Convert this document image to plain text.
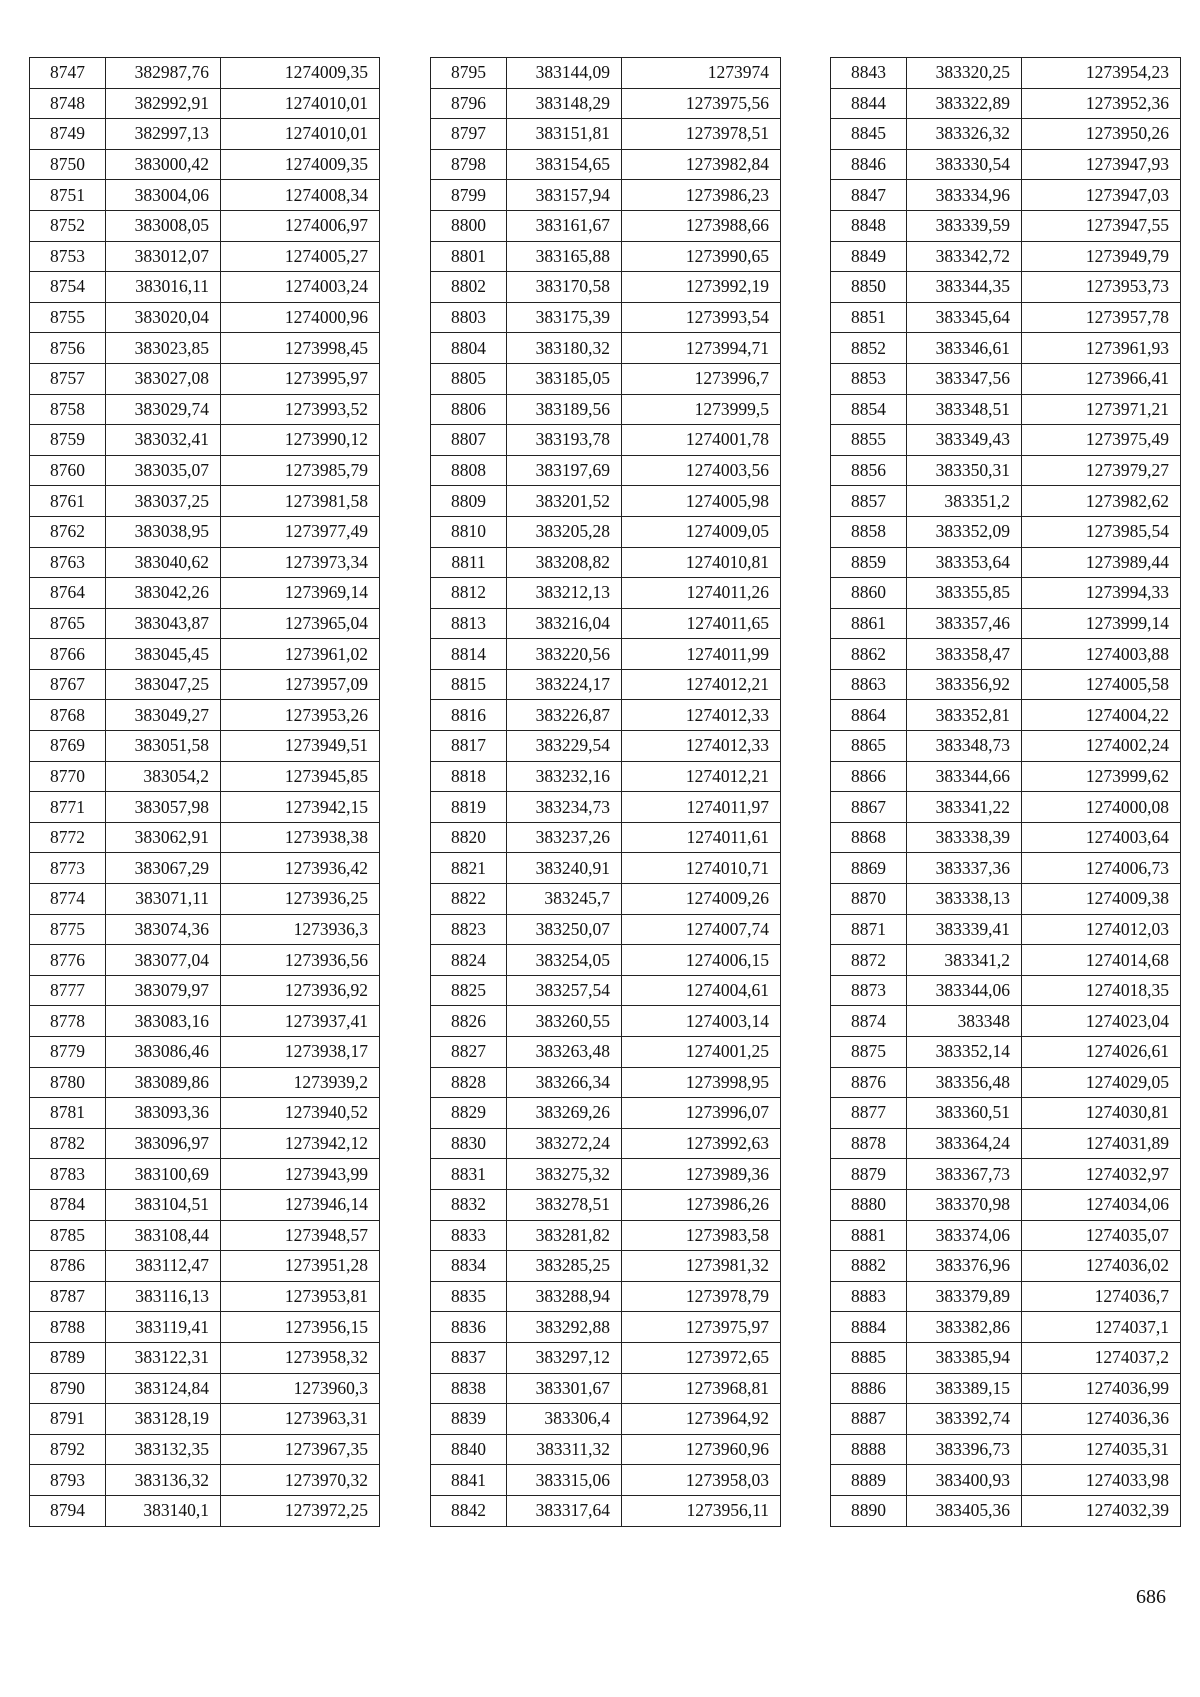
8747	382987,76	1274009,35
8748	382992,91	1274010,01
8749	382997,13	1274010,01
8750	383000,42	1274009,35
8751	383004,06	1274008,34
8752	383008,05	1274006,97
8753	383012,07	1274005,27
8754	383016,11	1274003,24
8755	383020,04	1274000,96
8756	383023,85	1273998,45
8757	383027,08	1273995,97
8758	383029,74	1273993,52
8759	383032,41	1273990,12
8760	383035,07	1273985,79
8761	383037,25	1273981,58
8762	383038,95	1273977,49
8763	383040,62	1273973,34
8764	383042,26	1273969,14
8765	383043,87	1273965,04
8766	383045,45	1273961,02
8767	383047,25	1273957,09
8768	383049,27	1273953,26
8769	383051,58	1273949,51
8770	383054,2	1273945,85
8771	383057,98	1273942,15
8772	383062,91	1273938,38
8773	383067,29	1273936,42
8774	383071,11	1273936,25
8775	383074,36	1273936,3
8776	383077,04	1273936,56
8777	383079,97	1273936,92
8778	383083,16	1273937,41
8779	383086,46	1273938,17
8780	383089,86	1273939,2
8781	383093,36	1273940,52
8782	383096,97	1273942,12
8783	383100,69	1273943,99
8784	383104,51	1273946,14
8785	383108,44	1273948,57
8786	383112,47	1273951,28
8787	383116,13	1273953,81
8788	383119,41	1273956,15
8789	383122,31	1273958,32
8790	383124,84	1273960,3
8791	383128,19	1273963,31
8792	383132,35	1273967,35
8793	383136,32	1273970,32
8794	383140,1	1273972,25
8795	383144,09	1273974
8796	383148,29	1273975,56
8797	383151,81	1273978,51
8798	383154,65	1273982,84
8799	383157,94	1273986,23
8800	383161,67	1273988,66
8801	383165,88	1273990,65
8802	383170,58	1273992,19
8803	383175,39	1273993,54
8804	383180,32	1273994,71
8805	383185,05	1273996,7
8806	383189,56	1273999,5
8807	383193,78	1274001,78
8808	383197,69	1274003,56
8809	383201,52	1274005,98
8810	383205,28	1274009,05
8811	383208,82	1274010,81
8812	383212,13	1274011,26
8813	383216,04	1274011,65
8814	383220,56	1274011,99
8815	383224,17	1274012,21
8816	383226,87	1274012,33
8817	383229,54	1274012,33
8818	383232,16	1274012,21
8819	383234,73	1274011,97
8820	383237,26	1274011,61
8821	383240,91	1274010,71
8822	383245,7	1274009,26
8823	383250,07	1274007,74
8824	383254,05	1274006,15
8825	383257,54	1274004,61
8826	383260,55	1274003,14
8827	383263,48	1274001,25
8828	383266,34	1273998,95
8829	383269,26	1273996,07
8830	383272,24	1273992,63
8831	383275,32	1273989,36
8832	383278,51	1273986,26
8833	383281,82	1273983,58
8834	383285,25	1273981,32
8835	383288,94	1273978,79
8836	383292,88	1273975,97
8837	383297,12	1273972,65
8838	383301,67	1273968,81
8839	383306,4	1273964,92
8840	383311,32	1273960,96
8841	383315,06	1273958,03
8842	383317,64	1273956,11
8843	383320,25	1273954,23
8844	383322,89	1273952,36
8845	383326,32	1273950,26
8846	383330,54	1273947,93
8847	383334,96	1273947,03
8848	383339,59	1273947,55
8849	383342,72	1273949,79
8850	383344,35	1273953,73
8851	383345,64	1273957,78
8852	383346,61	1273961,93
8853	383347,56	1273966,41
8854	383348,51	1273971,21
8855	383349,43	1273975,49
8856	383350,31	1273979,27
8857	383351,2	1273982,62
8858	383352,09	1273985,54
8859	383353,64	1273989,44
8860	383355,85	1273994,33
8861	383357,46	1273999,14
8862	383358,47	1274003,88
8863	383356,92	1274005,58
8864	383352,81	1274004,22
8865	383348,73	1274002,24
8866	383344,66	1273999,62
8867	383341,22	1274000,08
8868	383338,39	1274003,64
8869	383337,36	1274006,73
8870	383338,13	1274009,38
8871	383339,41	1274012,03
8872	383341,2	1274014,68
8873	383344,06	1274018,35
8874	383348	1274023,04
8875	383352,14	1274026,61
8876	383356,48	1274029,05
8877	383360,51	1274030,81
8878	383364,24	1274031,89
8879	383367,73	1274032,97
8880	383370,98	1274034,06
8881	383374,06	1274035,07
8882	383376,96	1274036,02
8883	383379,89	1274036,7
8884	383382,86	1274037,1
8885	383385,94	1274037,2
8886	383389,15	1274036,99
8887	383392,74	1274036,36
8888	383396,73	1274035,31
8889	383400,93	1274033,98
8890	383405,36	1274032,39
686
